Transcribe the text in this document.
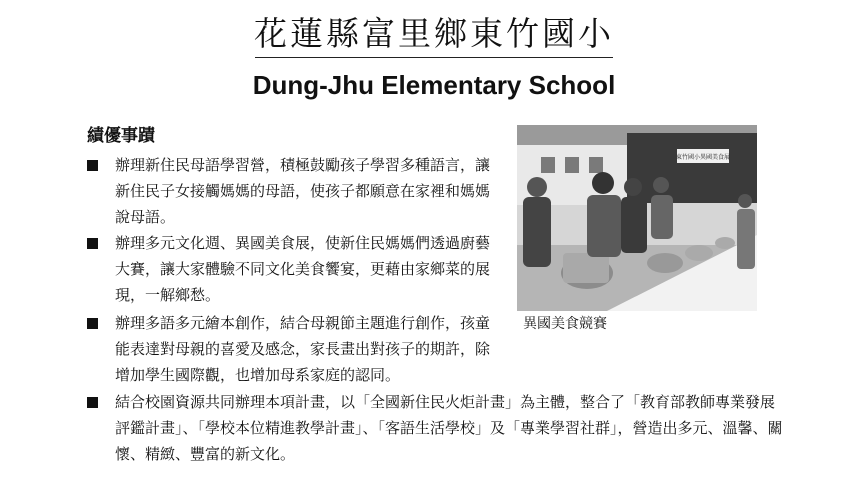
花蓮縣富里鄉東竹國小
Dung-Jhu Elementary School
績優事蹟
辦理新住民母語學習營，積極鼓勵孩子學習多種語言，讓新住民子女接觸媽媽的母語，使孩子都願意在家裡和媽媽說母語。
辦理多元文化週、異國美食展，使新住民媽媽們透過廚藝大賽，讓大家體驗不同文化美食饗宴，更藉由家鄉菜的展現，一解鄉愁。
辦理多語多元繪本創作，結合母親節主題進行創作，孩童能表達對母親的喜愛及感念，家長畫出對孩子的期許，除增加學生國際觀，也增加母系家庭的認同。
結合校園資源共同辦理本項計畫，以「全國新住民火炬計畫」為主體，整合了「教育部教師專業發展評鑑計畫」、「學校本位精進教學計畫」、「客語生活學校」及「專業學習社群」，營造出多元、溫馨、關懷、精緻、豐富的新文化。
東竹國小異國美食展
異國美食競賽
